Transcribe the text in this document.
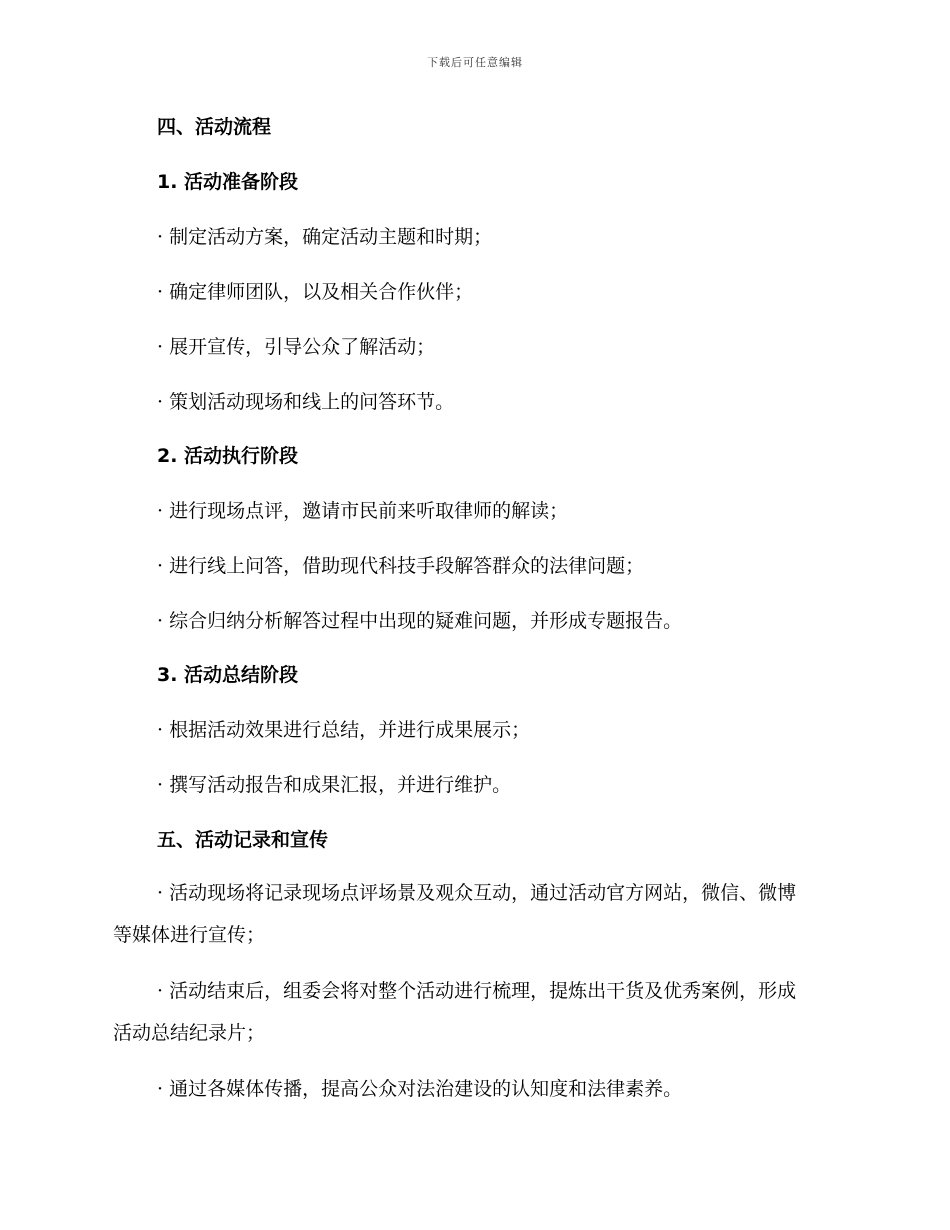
下载后可任意编辑
四、活动流程
1. 活动准备阶段
· 制定活动方案，确定活动主题和时期；
· 确定律师团队，以及相关合作伙伴；
· 展开宣传，引导公众了解活动；
· 策划活动现场和线上的问答环节。
2. 活动执行阶段
· 进行现场点评，邀请市民前来听取律师的解读；
· 进行线上问答，借助现代科技手段解答群众的法律问题；
· 综合归纳分析解答过程中出现的疑难问题，并形成专题报告。
3. 活动总结阶段
· 根据活动效果进行总结，并进行成果展示；
· 撰写活动报告和成果汇报，并进行维护。
五、活动记录和宣传
· 活动现场将记录现场点评场景及观众互动，通过活动官方网站，微信、微博等媒体进行宣传；
· 活动结束后，组委会将对整个活动进行梳理，提炼出干货及优秀案例，形成活动总结纪录片；
· 通过各媒体传播，提高公众对法治建设的认知度和法律素养。
